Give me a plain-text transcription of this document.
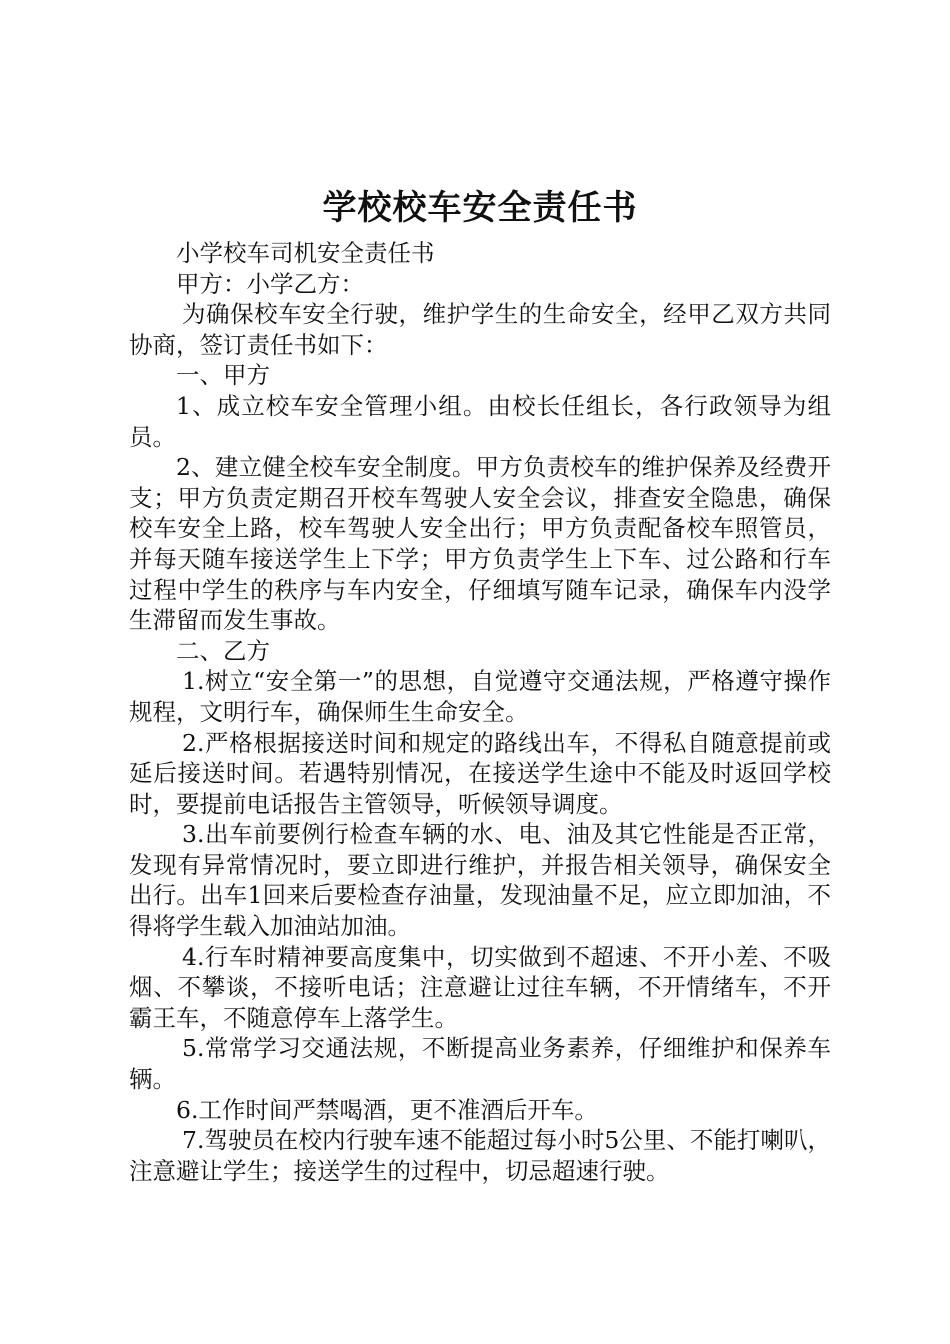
学校校车安全责任书

小学校车司机安全责任书

甲方：小学乙方：

为确保校车安全行驶，维护学生的生命安全，经甲乙双方共同协商，签订责任书如下：

一、甲方

1、成立校车安全管理小组。由校长任组长，各行政领导为组员。

2、建立健全校车安全制度。甲方负责校车的维护保养及经费开支；甲方负责定期召开校车驾驶人安全会议，排查安全隐患，确保校车安全上路，校车驾驶人安全出行；甲方负责配备校车照管员，并每天随车接送学生上下学；甲方负责学生上下车、过公路和行车过程中学生的秩序与车内安全，仔细填写随车记录，确保车内没学生滞留而发生事故。

二、乙方

1.树立“安全第一”的思想，自觉遵守交通法规，严格遵守操作规程，文明行车，确保师生生命安全。

2.严格根据接送时间和规定的路线出车，不得私自随意提前或延后接送时间。若遇特别情况，在接送学生途中不能及时返回学校时，要提前电话报告主管领导，听候领导调度。

3.出车前要例行检查车辆的水、电、油及其它性能是否正常，发现有异常情况时，要立即进行维护，并报告相关领导，确保安全出行。出车1回来后要检查存油量，发现油量不足，应立即加油，不得将学生载入加油站加油。

4.行车时精神要高度集中，切实做到不超速、不开小差、不吸烟、不攀谈，不接听电话；注意避让过往车辆，不开情绪车，不开霸王车，不随意停车上落学生。

5.常常学习交通法规，不断提高业务素养，仔细维护和保养车辆。

6.工作时间严禁喝酒，更不准酒后开车。

7.驾驶员在校内行驶车速不能超过每小时5公里、不能打喇叭，注意避让学生；接送学生的过程中，切忌超速行驶。
